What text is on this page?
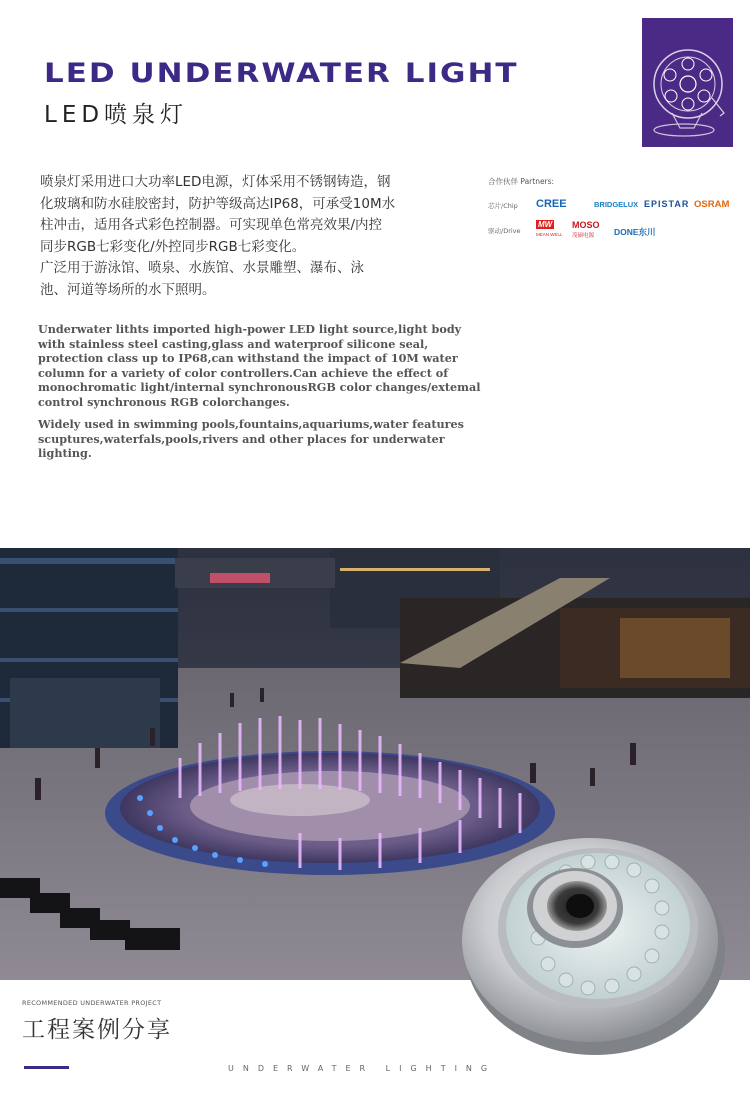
LED UNDERWATER LIGHT
LED喷泉灯

喷泉灯采用进口大功率LED电源，灯体采用不锈钢铸造，钢

化玻璃和防水硅胶密封，防护等级高达IP68，可承受10M水

柱冲击，适用各式彩色控制器。可实现单色常亮效果/内控

同步RGB七彩变化/外控同步RGB七彩变化。

广泛用于游泳馆、喷泉、水族馆、水景雕塑、瀑布、泳

池、河道等场所的水下照明。

Underwater lithts imported high-power LED light source,light body with stainless steel casting,glass and waterproof silicone seal, protection class up to IP68,can withstand the impact of 10M water column for a variety of color controllers.Can achieve the effect of monochromatic light/internal synchronousRGB color changes/extemal control synchronous RGB colorchanges.

Widely used in swimming pools,fountains,aquariums,water features scuptures,waterfals,pools,rivers and other places for underwater lighting.

合作伙伴 Partners:
芯片/Chip CREE	BRIDGELUX EPISTAR OSRAM
驱动/Drive
MW
MEAN WELL
MOSO
茂硕电源 DONE东川
RECOMMENDED UNDERWATER PROJECT
工程案例分享
UNDERWATER LIGHTING
